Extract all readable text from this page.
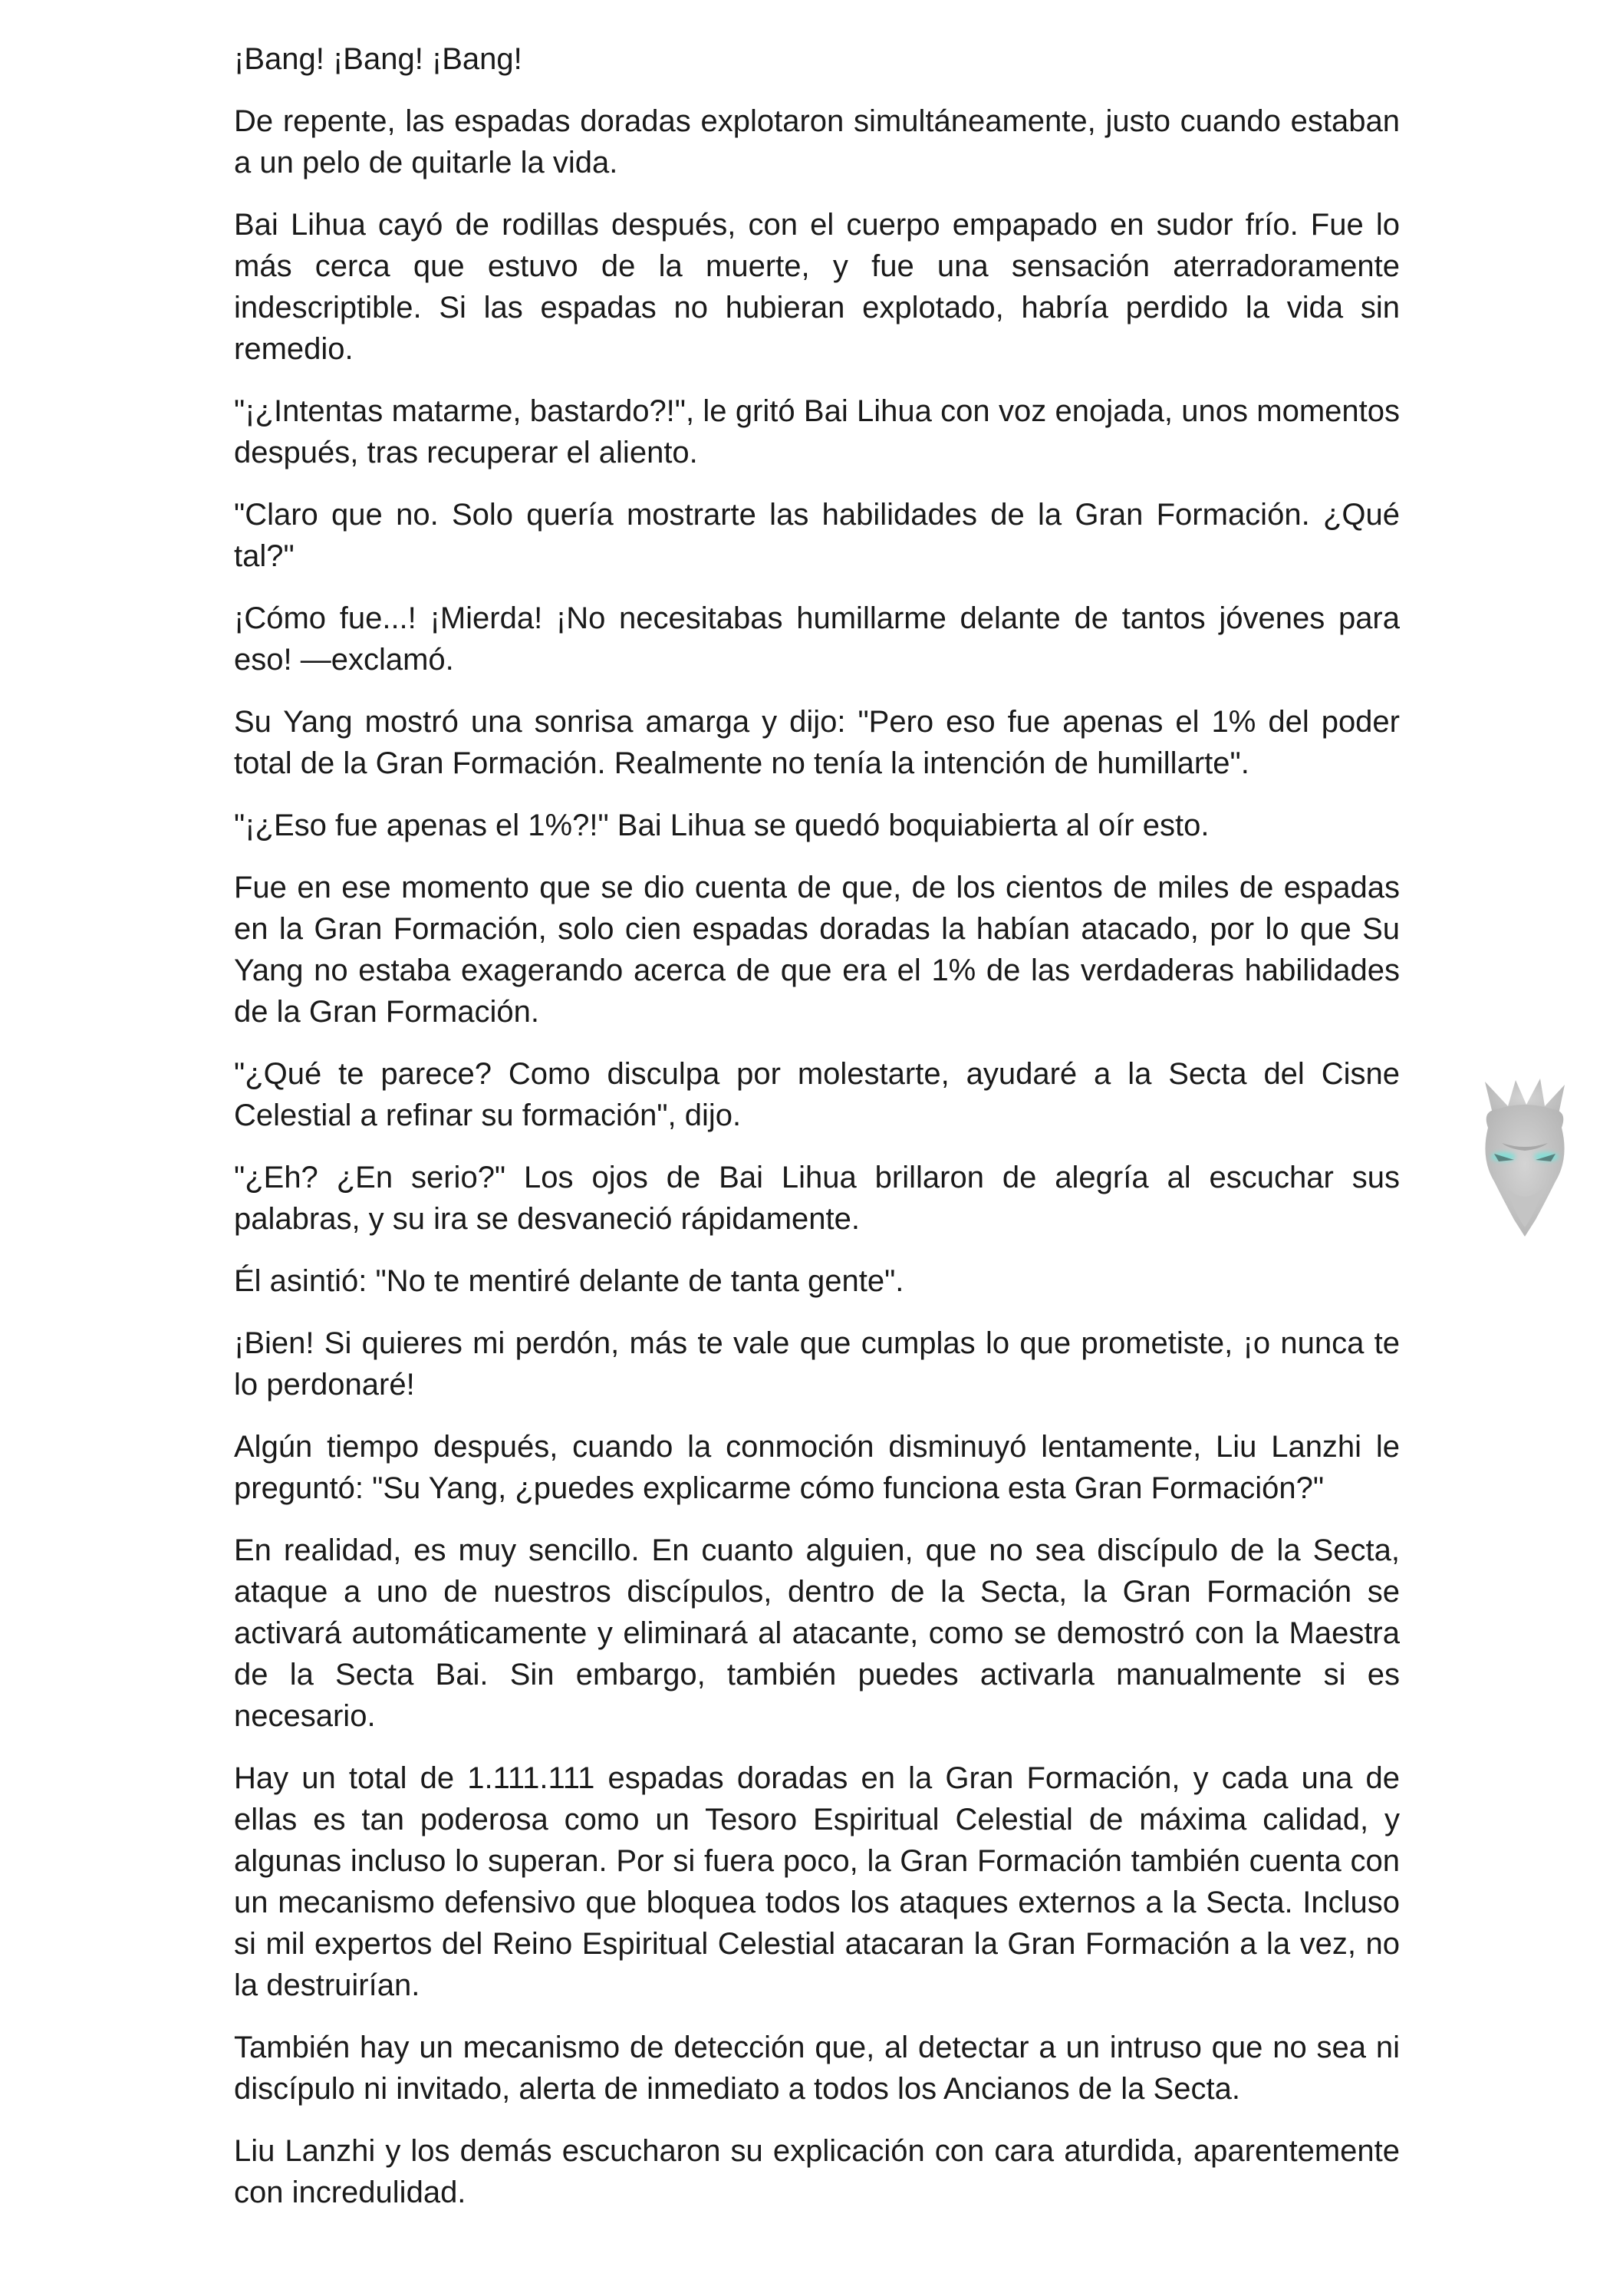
¡Bang! ¡Bang! ¡Bang!

De repente, las espadas doradas explotaron simultáneamente, justo cuando estaban a un pelo de quitarle la vida.

Bai Lihua cayó de rodillas después, con el cuerpo empapado en sudor frío. Fue lo más cerca que estuvo de la muerte, y fue una sensación aterradoramente indescriptible. Si las espadas no hubieran explotado, habría perdido la vida sin remedio.

"¡¿Intentas matarme, bastardo?!", le gritó Bai Lihua con voz enojada, unos momentos después, tras recuperar el aliento.

"Claro que no. Solo quería mostrarte las habilidades de la Gran Formación. ¿Qué tal?"

¡Cómo fue...! ¡Mierda! ¡No necesitabas humillarme delante de tantos jóvenes para eso! —exclamó.

Su Yang mostró una sonrisa amarga y dijo: "Pero eso fue apenas el 1% del poder total de la Gran Formación. Realmente no tenía la intención de humillarte".

"¡¿Eso fue apenas el 1%?!" Bai Lihua se quedó boquiabierta al oír esto.

Fue en ese momento que se dio cuenta de que, de los cientos de miles de espadas en la Gran Formación, solo cien espadas doradas la habían atacado, por lo que Su Yang no estaba exagerando acerca de que era el 1% de las verdaderas habilidades de la Gran Formación.

"¿Qué te parece? Como disculpa por molestarte, ayudaré a la Secta del Cisne Celestial a refinar su formación", dijo.

"¿Eh? ¿En serio?" Los ojos de Bai Lihua brillaron de alegría al escuchar sus palabras, y su ira se desvaneció rápidamente.

Él asintió: "No te mentiré delante de tanta gente".

¡Bien! Si quieres mi perdón, más te vale que cumplas lo que prometiste, ¡o nunca te lo perdonaré!

Algún tiempo después, cuando la conmoción disminuyó lentamente, Liu Lanzhi le preguntó: "Su Yang, ¿puedes explicarme cómo funciona esta Gran Formación?"

En realidad, es muy sencillo. En cuanto alguien, que no sea discípulo de la Secta, ataque a uno de nuestros discípulos, dentro de la Secta, la Gran Formación se activará automáticamente y eliminará al atacante, como se demostró con la Maestra de la Secta Bai. Sin embargo, también puedes activarla manualmente si es necesario.

Hay un total de 1.111.111 espadas doradas en la Gran Formación, y cada una de ellas es tan poderosa como un Tesoro Espiritual Celestial de máxima calidad, y algunas incluso lo superan. Por si fuera poco, la Gran Formación también cuenta con un mecanismo defensivo que bloquea todos los ataques externos a la Secta. Incluso si mil expertos del Reino Espiritual Celestial atacaran la Gran Formación a la vez, no la destruirían.

También hay un mecanismo de detección que, al detectar a un intruso que no sea ni discípulo ni invitado, alerta de inmediato a todos los Ancianos de la Secta.

Liu Lanzhi y los demás escucharon su explicación con cara aturdida, aparentemente con incredulidad.
